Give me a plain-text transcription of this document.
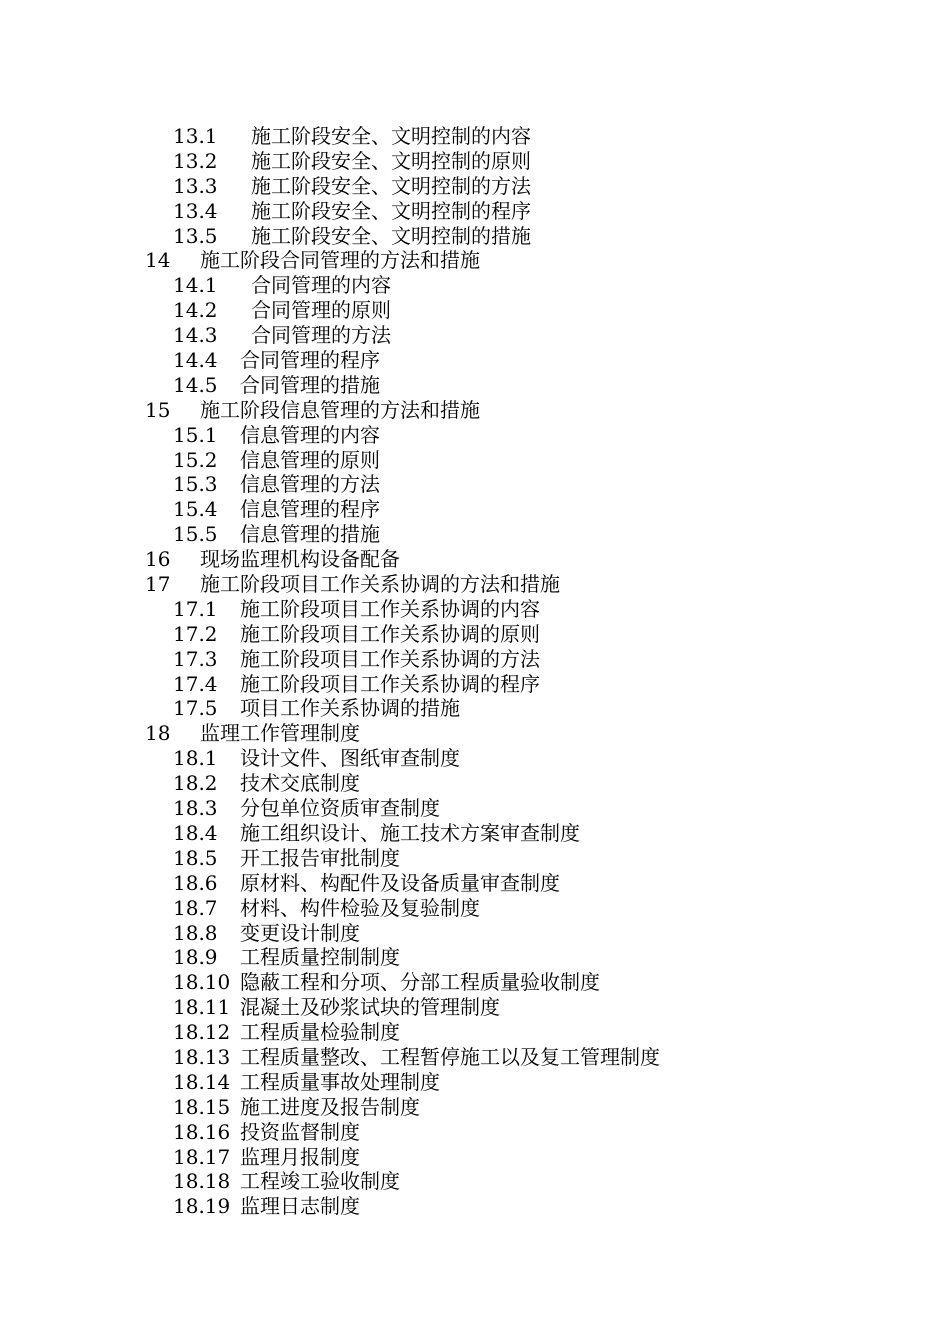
13.1 施工阶段安全、文明控制的内容
13.2 施工阶段安全、文明控制的原则
13.3 施工阶段安全、文明控制的方法
13.4 施工阶段安全、文明控制的程序
13.5 施工阶段安全、文明控制的措施
14 施工阶段合同管理的方法和措施
14.1 合同管理的内容
14.2 合同管理的原则
14.3 合同管理的方法
14.4 合同管理的程序
14.5 合同管理的措施
15 施工阶段信息管理的方法和措施
15.1 信息管理的内容
15.2 信息管理的原则
15.3 信息管理的方法
15.4 信息管理的程序
15.5 信息管理的措施
16 现场监理机构设备配备
17 施工阶段项目工作关系协调的方法和措施
17.1 施工阶段项目工作关系协调的内容
17.2 施工阶段项目工作关系协调的原则
17.3 施工阶段项目工作关系协调的方法
17.4 施工阶段项目工作关系协调的程序
17.5 项目工作关系协调的措施
18 监理工作管理制度
18.1 设计文件、图纸审查制度
18.2 技术交底制度
18.3 分包单位资质审查制度
18.4 施工组织设计、施工技术方案审查制度
18.5 开工报告审批制度
18.6 原材料、构配件及设备质量审查制度
18.7 材料、构件检验及复验制度
18.8 变更设计制度
18.9 工程质量控制制度
18.10 隐蔽工程和分项、分部工程质量验收制度
18.11 混凝土及砂浆试块的管理制度
18.12 工程质量检验制度
18.13 工程质量整改、工程暂停施工以及复工管理制度
18.14 工程质量事故处理制度
18.15 施工进度及报告制度
18.16 投资监督制度
18.17 监理月报制度
18.18 工程竣工验收制度
18.19 监理日志制度
